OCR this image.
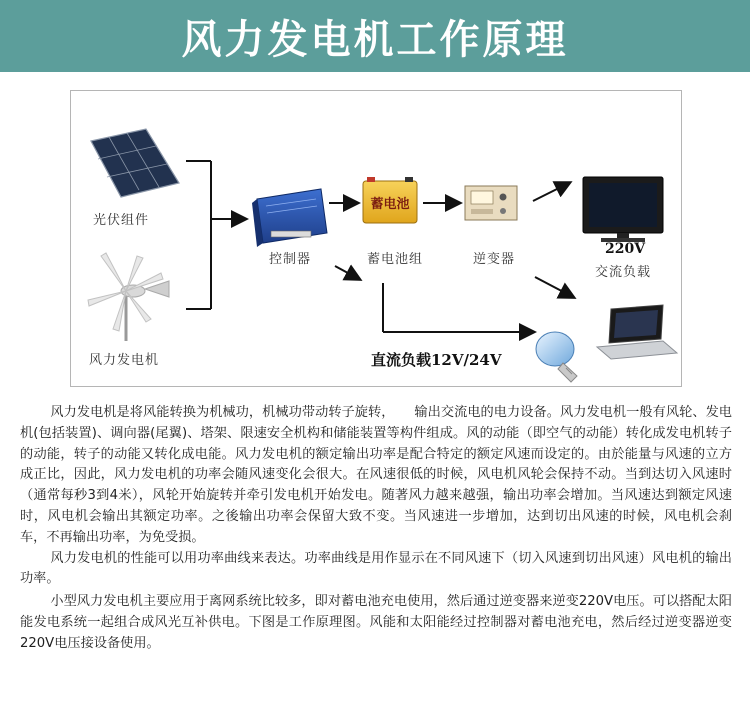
风力发电机工作原理
蓄电池
光伏组件
风力发电机
控制器	蓄电池组	逆变器
220V
交流负载
直流负载12V/24V

风力发电机是将风能转换为机械功，机械功带动转子旋转，　　输出交流电的电力设备。风力发电机一般有风轮、发电机(包括装置)、调向器(尾翼)、塔架、限速安全机构和储能装置等构件组成。风的动能（即空气的动能）转化成发电机转子的动能，转子的动能又转化成电能。风力发电机的额定输出功率是配合特定的额定风速而设定的。由於能量与风速的立方成正比，因此，风力发电机的功率会随风速变化会很大。在风速很低的时候，风电机风轮会保持不动。当到达切入风速时（通常每秒3到4米），风轮开始旋转并牵引发电机开始发电。随著风力越来越强，输出功率会增加。当风速达到额定风速时，风电机会输出其额定功率。之後输出功率会保留大致不变。当风速进一步增加，达到切出风速的时候，风电机会刹车，不再输出功率，为免受损。

风力发电机的性能可以用功率曲线来表达。功率曲线是用作显示在不同风速下（切入风速到切出风速）风电机的输出功率。

小型风力发电机主要应用于离网系统比较多，即对蓄电池充电使用，然后通过逆变器来逆变220V电压。可以搭配太阳能发电系统一起组合成风光互补供电。下图是工作原理图。风能和太阳能经过控制器对蓄电池充电，然后经过逆变器逆变220V电压接设备使用。
